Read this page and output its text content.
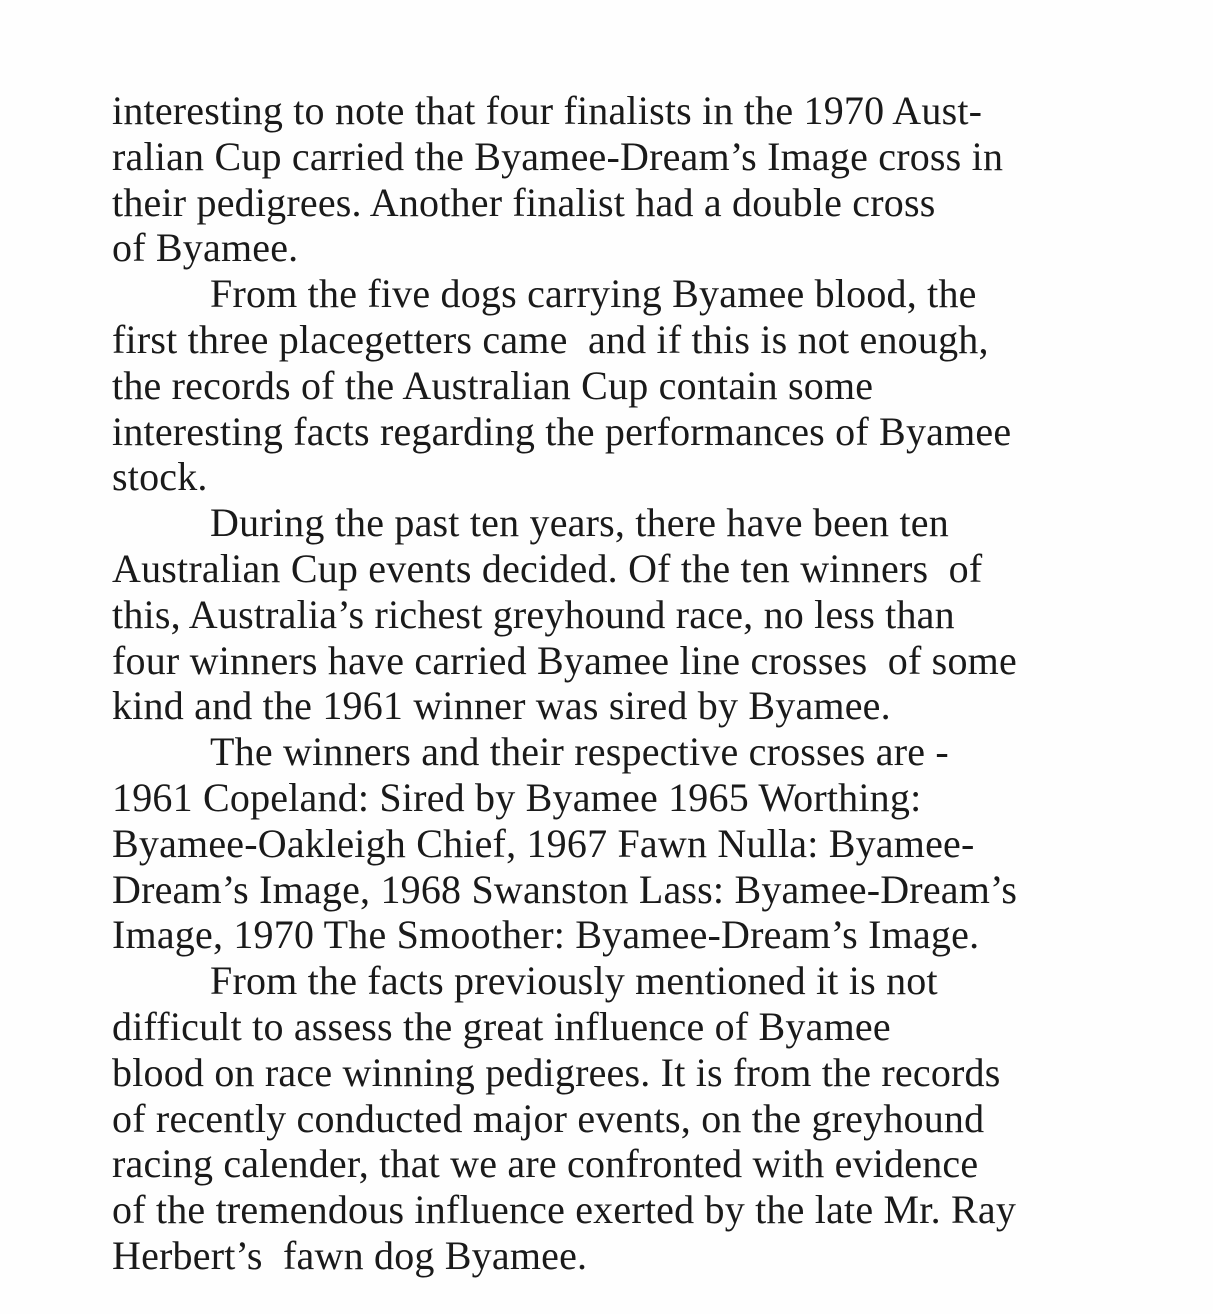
interesting to note that four finalists in the 1970 Aust-
ralian Cup carried the Byamee-Dream’s Image cross in
their pedigrees. Another finalist had a double cross
of Byamee.
From the five dogs carrying Byamee blood, the
first three placegetters came  and if this is not enough,
the records of the Australian Cup contain some
interesting facts regarding the performances of Byamee
stock.
During the past ten years, there have been ten
Australian Cup events decided. Of the ten winners  of
this, Australia’s richest greyhound race, no less than
four winners have carried Byamee line crosses  of some
kind and the 1961 winner was sired by Byamee.
The winners and their respective crosses are -
1961 Copeland: Sired by Byamee 1965 Worthing:
Byamee-Oakleigh Chief, 1967 Fawn Nulla: Byamee-
Dream’s Image, 1968 Swanston Lass: Byamee-Dream’s
Image, 1970 The Smoother: Byamee-Dream’s Image.
From the facts previously mentioned it is not
difficult to assess the great influence of Byamee
blood on race winning pedigrees. It is from the records
of recently conducted major events, on the greyhound
racing calender, that we are confronted with evidence
of the tremendous influence exerted by the late Mr. Ray
Herbert’s  fawn dog Byamee.
